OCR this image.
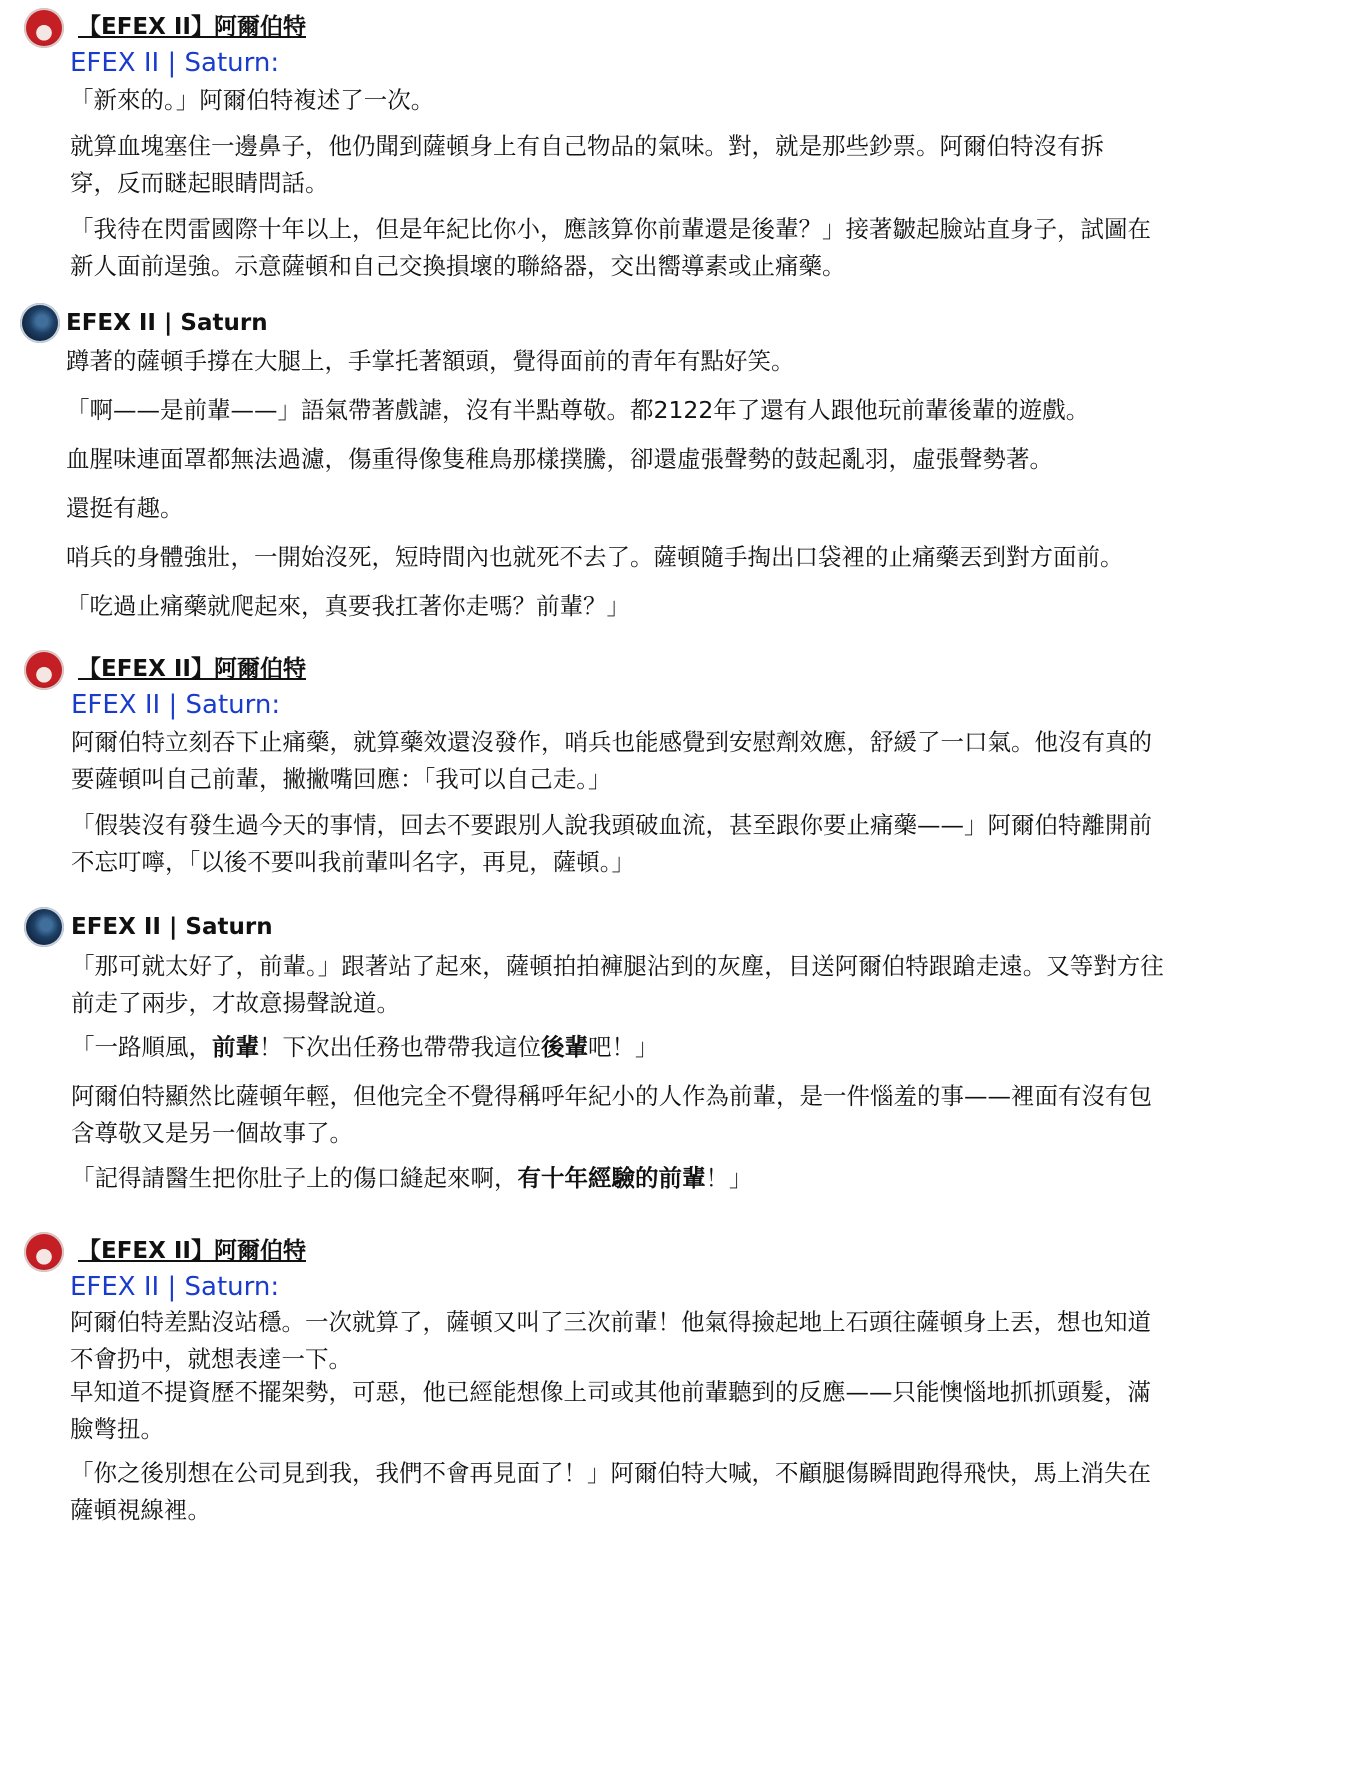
【EFEX II】阿爾伯特
EFEX II | Saturn:
「新來的。」阿爾伯特複述了一次。
就算血塊塞住一邊鼻子，他仍聞到薩頓身上有自己物品的氣味。對，就是那些鈔票。阿爾伯特沒有拆穿，反而瞇起眼睛問話。
「我待在閃雷國際十年以上，但是年紀比你小，應該算你前輩還是後輩？」接著皺起臉站直身子，試圖在新人面前逞強。示意薩頓和自己交換損壞的聯絡器，交出嚮導素或止痛藥。
EFEX II | Saturn
蹲著的薩頓手撐在大腿上，手掌托著額頭，覺得面前的青年有點好笑。
「啊——是前輩——」語氣帶著戲謔，沒有半點尊敬。都2122年了還有人跟他玩前輩後輩的遊戲。
血腥味連面罩都無法過濾，傷重得像隻稚鳥那樣撲騰，卻還虛張聲勢的鼓起亂羽，虛張聲勢著。
還挺有趣。
哨兵的身體強壯，一開始沒死，短時間內也就死不去了。薩頓隨手掏出口袋裡的止痛藥丟到對方面前。
「吃過止痛藥就爬起來，真要我扛著你走嗎？前輩？」
【EFEX II】阿爾伯特
EFEX II | Saturn:
阿爾伯特立刻吞下止痛藥，就算藥效還沒發作，哨兵也能感覺到安慰劑效應，舒緩了一口氣。他沒有真的要薩頓叫自己前輩，撇撇嘴回應：「我可以自己走。」
「假裝沒有發生過今天的事情，回去不要跟別人說我頭破血流，甚至跟你要止痛藥——」阿爾伯特離開前不忘叮嚀，「以後不要叫我前輩叫名字，再見，薩頓。」
EFEX II | Saturn
「那可就太好了，前輩。」跟著站了起來，薩頓拍拍褲腿沾到的灰塵，目送阿爾伯特跟蹌走遠。又等對方往前走了兩步，才故意揚聲說道。
「一路順風，前輩！下次出任務也帶帶我這位後輩吧！」
阿爾伯特顯然比薩頓年輕，但他完全不覺得稱呼年紀小的人作為前輩，是一件惱羞的事——裡面有沒有包含尊敬又是另一個故事了。
「記得請醫生把你肚子上的傷口縫起來啊，有十年經驗的前輩！」
【EFEX II】阿爾伯特
EFEX II | Saturn:
阿爾伯特差點沒站穩。一次就算了，薩頓又叫了三次前輩！他氣得撿起地上石頭往薩頓身上丟，想也知道不會扔中，就想表達一下。
早知道不提資歷不擺架勢，可惡，他已經能想像上司或其他前輩聽到的反應——只能懊惱地抓抓頭髮，滿臉彆扭。
「你之後別想在公司見到我，我們不會再見面了！」阿爾伯特大喊，不顧腿傷瞬間跑得飛快，馬上消失在薩頓視線裡。
